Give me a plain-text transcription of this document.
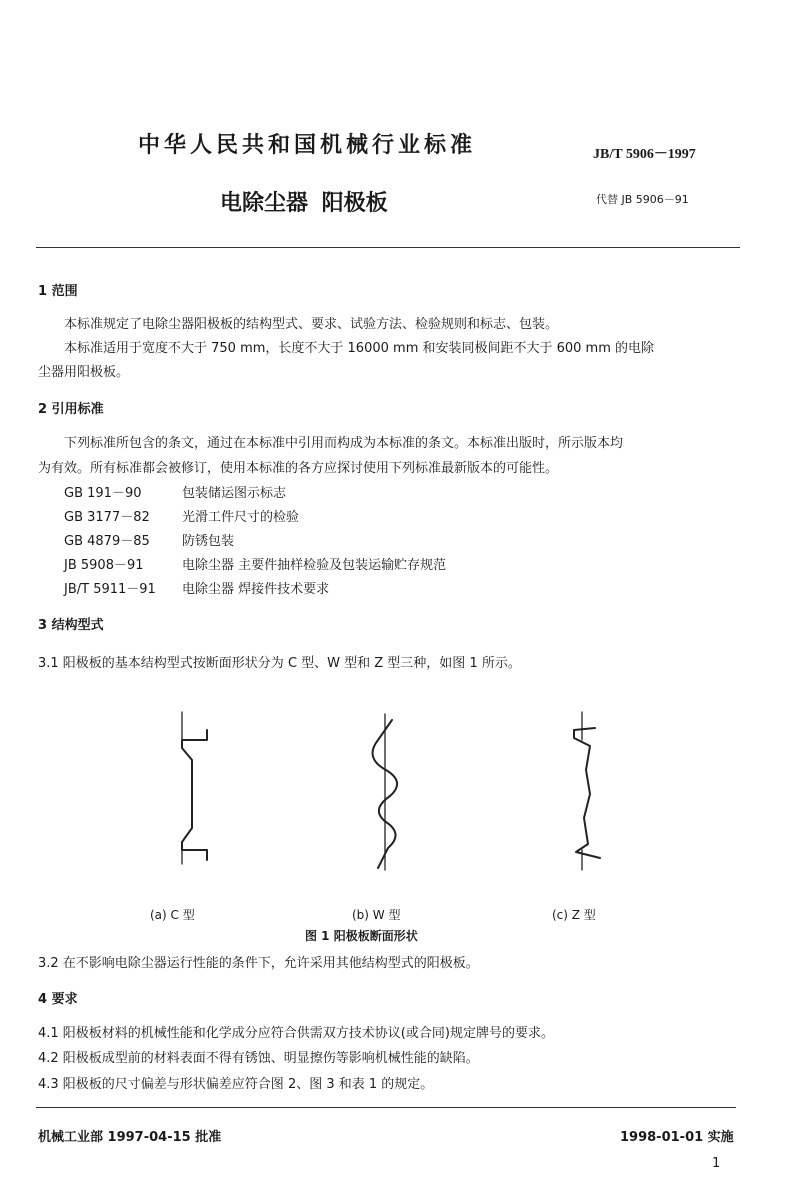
中华人民共和国机械行业标准	JB/T 5906－1997
电除尘器 阳极板	代替 JB 5906－91
1 范围
本标准规定了电除尘器阳极板的结构型式、要求、试验方法、检验规则和标志、包装。
本标准适用于宽度不大于 750 mm，长度不大于 16000 mm 和安装同极间距不大于 600 mm 的电除
尘器用阳极板。
2 引用标准
下列标准所包含的条文，通过在本标准中引用而构成为本标准的条文。本标准出版时，所示版本均
为有效。所有标准都会被修订，使用本标准的各方应探讨使用下列标准最新版本的可能性。
GB 191－90	包装储运图示标志
GB 3177－82 光滑工件尺寸的检验
GB 4879－85 防锈包装
JB 5908－91	电除尘器 主要件抽样检验及包装运输贮存规范
JB/T 5911－91 电除尘器 焊接件技术要求
3 结构型式
3.1 阳极板的基本结构型式按断面形状分为 C 型、W 型和 Z 型三种，如图 1 所示。
(a) C 型	(b) W 型	(c) Z 型
图 1 阳极板断面形状
3.2 在不影响电除尘器运行性能的条件下，允许采用其他结构型式的阳极板。
4 要求
4.1 阳极板材料的机械性能和化学成分应符合供需双方技术协议(或合同)规定牌号的要求。
4.2 阳极板成型前的材料表面不得有锈蚀、明显擦伤等影响机械性能的缺陷。
4.3 阳极板的尺寸偏差与形状偏差应符合图 2、图 3 和表 1 的规定。
机械工业部 1997-04-15 批准	1998-01-01 实施
1
